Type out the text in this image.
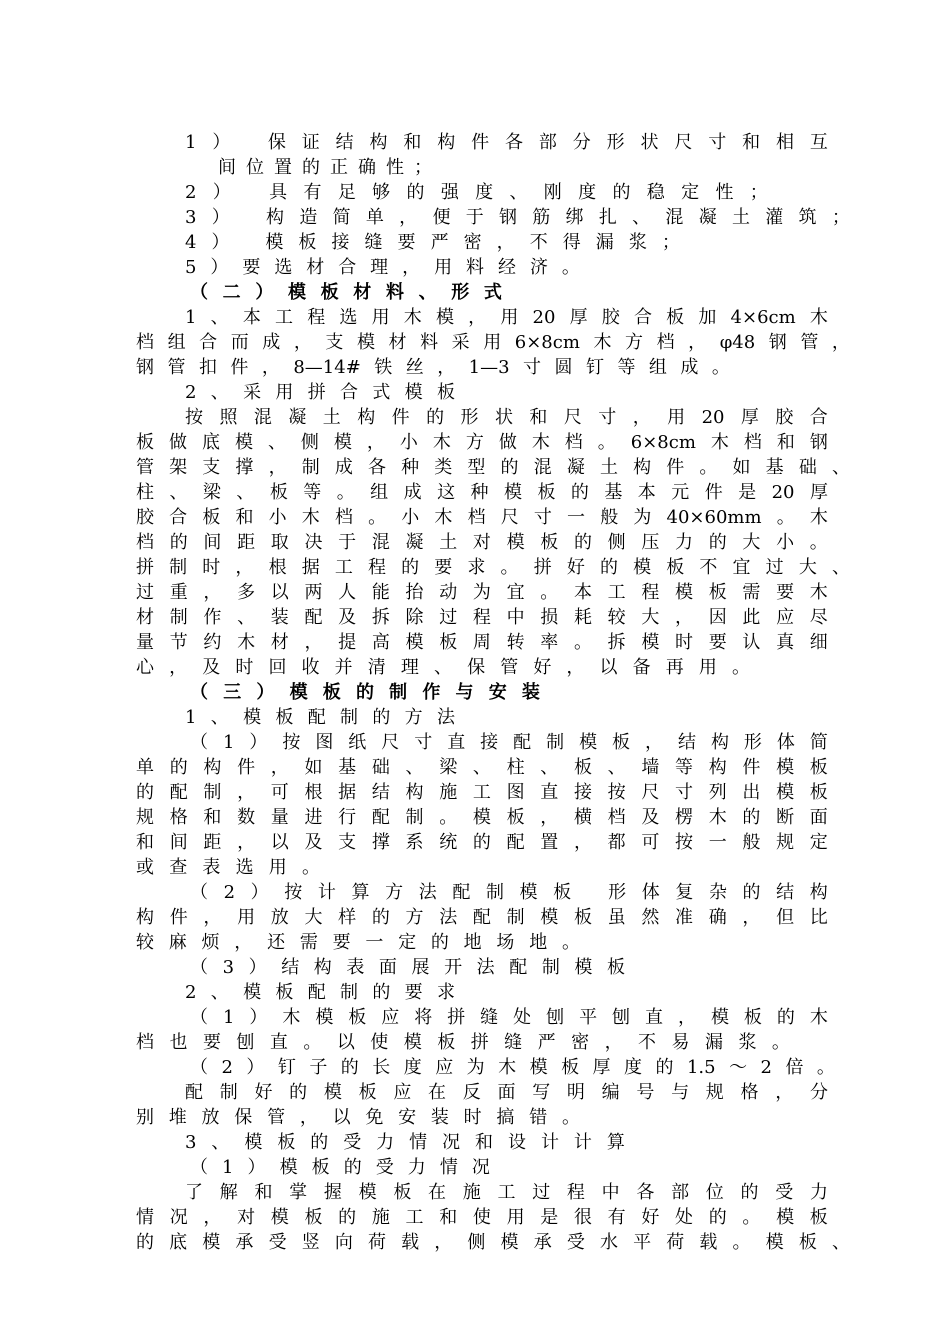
1 ）
保 证 结 构 和 构 件 各 部 分 形 状 尺 寸 和 相 互
间 位 置 的 正 确 性 ；
2 ）
具 有 足 够 的 强 度 、 刚 度 的 稳 定 性 ；
3 ）
构 造 简 单 ， 便 于 钢 筋 绑 扎 、 混 凝 土 灌 筑 ；
4 ）
模 板 接 缝 要 严 密 ， 不 得 漏 浆 ；
5 ） 要 选 材 合 理 ， 用 料 经 济 。
（ 二 ） 模 板 材 料 、 形 式
1 、 本 工 程 选 用 木 模 ， 用 20 厚 胶 合 板 加 4×6cm 木
档 组 合 而 成 ， 支 模 材 料 采 用 6×8cm 木 方 档 ， φ48 钢 管 ，
钢 管 扣 件 ， 8—14# 铁 丝 ， 1—3 寸 圆 钉 等 组 成 。
2 、 采 用 拼 合 式 模 板
按 照 混 凝 土 构 件 的 形 状 和 尺 寸 ， 用 20 厚 胶 合
板 做 底 模 、 侧 模 ， 小 木 方 做 木 档 。 6×8cm 木 档 和 钢
管 架 支 撑 ， 制 成 各 种 类 型 的 混 凝 土 构 件 。 如 基 础 、
柱 、 梁 、 板 等 。 组 成 这 种 模 板 的 基 本 元 件 是 20 厚
胶 合 板 和 小 木 档 。 小 木 档 尺 寸 一 般 为 40×60mm 。 木
档 的 间 距 取 决 于 混 凝 土 对 模 板 的 侧 压 力 的 大 小 。
拼 制 时 ， 根 据 工 程 的 要 求 。 拼 好 的 模 板 不 宜 过 大 、
过 重 ， 多 以 两 人 能 抬 动 为 宜 。 本 工 程 模 板 需 要 木
材 制 作 、 装 配 及 拆 除 过 程 中 损 耗 较 大 ， 因 此 应 尽
量 节 约 木 材 ， 提 高 模 板 周 转 率 。 拆 模 时 要 认 真 细
心 ， 及 时 回 收 并 清 理 、 保 管 好 ， 以 备 再 用 。
（ 三 ） 模 板 的 制 作 与 安 装
1 、 模 板 配 制 的 方 法
（ 1 ） 按 图 纸 尺 寸 直 接 配 制 模 板 ， 结 构 形 体 简
单 的 构 件 ， 如 基 础 、 梁 、 柱 、 板 、 墙 等 构 件 模 板
的 配 制 ， 可 根 据 结 构 施 工 图 直 接 按 尺 寸 列 出 模 板
规 格 和 数 量 进 行 配 制 。 模 板 ， 横 档 及 楞 木 的 断 面
和 间 距 ， 以 及 支 撑 系 统 的 配 置 ， 都 可 按 一 般 规 定
或 查 表 选 用 。
（ 2 ） 按 计 算 方 法 配 制 模 板
形 体 复 杂 的 结 构
构 件 ， 用 放 大 样 的 方 法 配 制 模 板 虽 然 准 确 ， 但 比
较 麻 烦 ， 还 需 要 一 定 的 地 场 地 。
（ 3 ） 结 构 表 面 展 开 法 配 制 模 板
2 、 模 板 配 制 的 要 求
（ 1 ） 木 模 板 应 将 拼 缝 处 刨 平 刨 直 ， 模 板 的 木
档 也 要 刨 直 。 以 使 模 板 拼 缝 严 密 ， 不 易 漏 浆 。
（ 2 ） 钉 子 的 长 度 应 为 木 模 板 厚 度 的 1.5 ～ 2 倍 。
配 制 好 的 模 板 应 在 反 面 写 明 编 号 与 规 格 ， 分
别 堆 放 保 管 ， 以 免 安 装 时 搞 错 。
3 、 模 板 的 受 力 情 况 和 设 计 计 算
（ 1 ） 模 板 的 受 力 情 况
了 解 和 掌 握 模 板 在 施 工 过 程 中 各 部 位 的 受 力
情 况 ， 对 模 板 的 施 工 和 使 用 是 很 有 好 处 的 。 模 板
的 底 模 承 受 竖 向 荷 载 ， 侧 模 承 受 水 平 荷 载 。 模 板 、
